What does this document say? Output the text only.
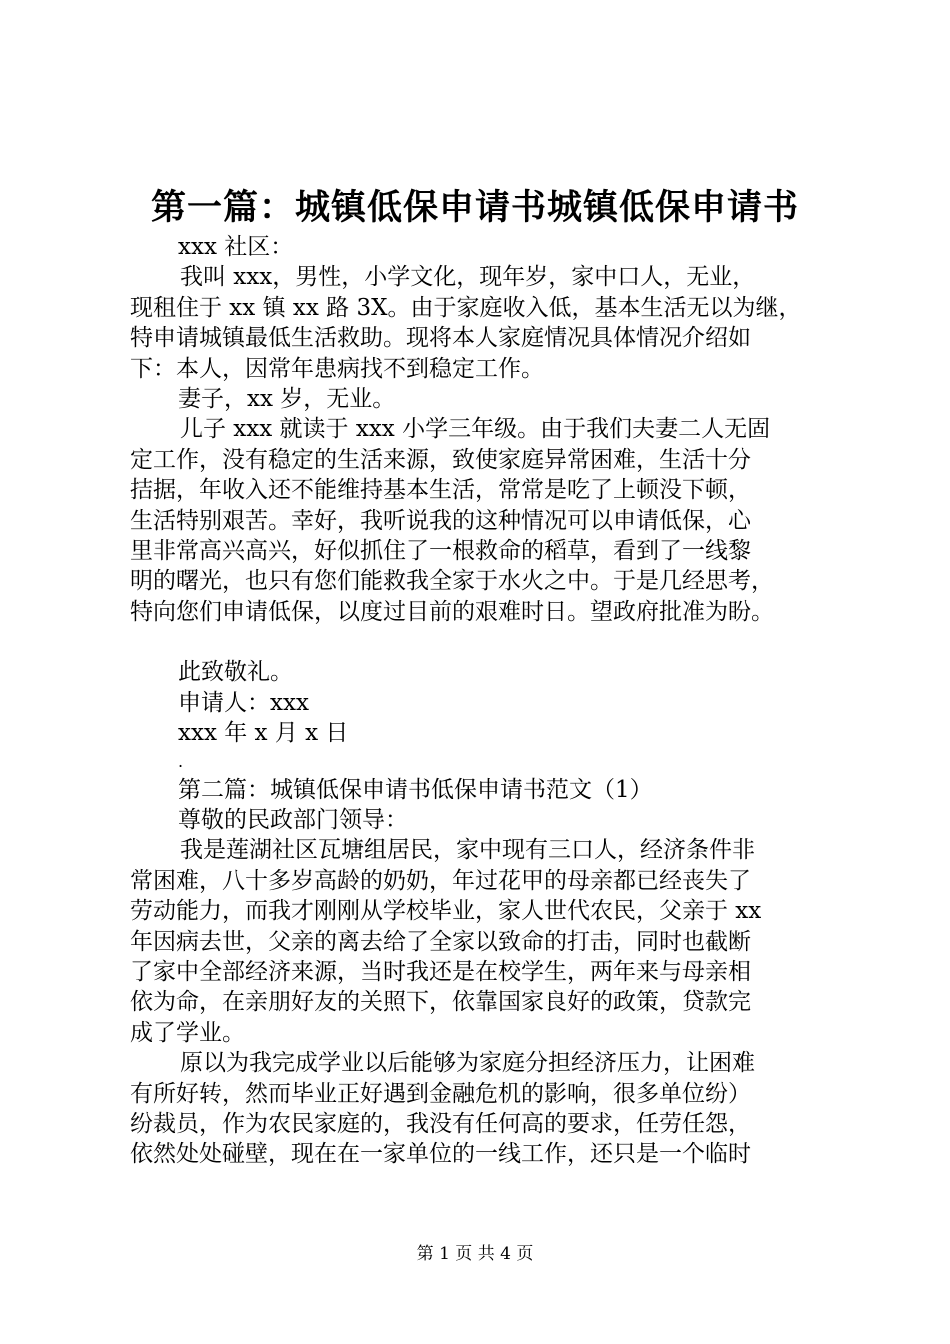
第一篇：城镇低保申请书城镇低保申请书
xxx 社区：
我叫 xxx，男性，小学文化，现年岁，家中口人，无业，
现租住于 xx 镇 xx 路 3X。由于家庭收入低，基本生活无以为继，
特申请城镇最低生活救助。现将本人家庭情况具体情况介绍如
下：本人，因常年患病找不到稳定工作。
妻子，xx 岁，无业。
儿子 xxx 就读于 xxx 小学三年级。由于我们夫妻二人无固
定工作，没有稳定的生活来源，致使家庭异常困难，生活十分
拮据，年收入还不能维持基本生活，常常是吃了上顿没下顿，
生活特别艰苦。幸好，我听说我的这种情况可以申请低保，心
里非常高兴高兴，好似抓住了一根救命的稻草，看到了一线黎
明的曙光，也只有您们能救我全家于水火之中。于是几经思考，
特向您们申请低保，以度过目前的艰难时日。望政府批准为盼。
此致敬礼。
申请人：xxx
xxx 年 x 月 x 日
.
第二篇：城镇低保申请书低保申请书范文（1）
尊敬的民政部门领导：
我是莲湖社区瓦塘组居民，家中现有三口人，经济条件非
常困难，八十多岁高龄的奶奶，年过花甲的母亲都已经丧失了
劳动能力，而我才刚刚从学校毕业，家人世代农民，父亲于 xx
年因病去世，父亲的离去给了全家以致命的打击，同时也截断
了家中全部经济来源，当时我还是在校学生，两年来与母亲相
依为命，在亲朋好友的关照下，依靠国家良好的政策，贷款完
成了学业。
原以为我完成学业以后能够为家庭分担经济压力，让困难
有所好转，然而毕业正好遇到金融危机的影响，很多单位纷）
纷裁员，作为农民家庭的，我没有任何高的要求，任劳任怨，
依然处处碰壁，现在在一家单位的一线工作，还只是一个临时
第 1 页 共 4 页
